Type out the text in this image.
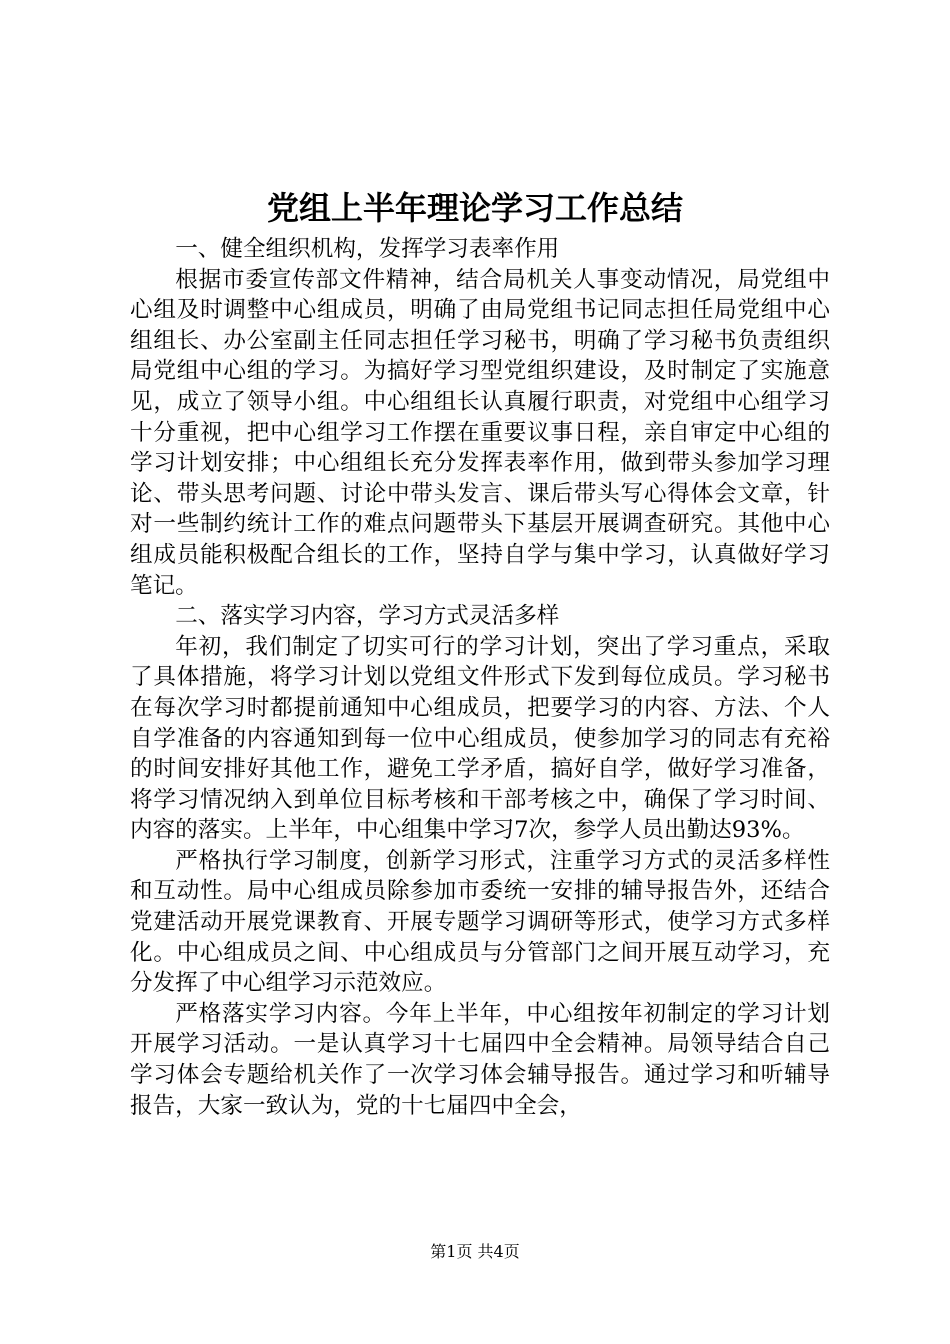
党组上半年理论学习工作总结

一、健全组织机构，发挥学习表率作用

根据市委宣传部文件精神，结合局机关人事变动情况，局党组中心组及时调整中心组成员，明确了由局党组书记同志担任局党组中心组组长、办公室副主任同志担任学习秘书，明确了学习秘书负责组织局党组中心组的学习。为搞好学习型党组织建设，及时制定了实施意见，成立了领导小组。中心组组长认真履行职责，对党组中心组学习十分重视，把中心组学习工作摆在重要议事日程，亲自审定中心组的学习计划安排；中心组组长充分发挥表率作用，做到带头参加学习理论、带头思考问题、讨论中带头发言、课后带头写心得体会文章，针对一些制约统计工作的难点问题带头下基层开展调查研究。其他中心组成员能积极配合组长的工作，坚持自学与集中学习，认真做好学习笔记。

二、落实学习内容，学习方式灵活多样

年初，我们制定了切实可行的学习计划，突出了学习重点，采取了具体措施，将学习计划以党组文件形式下发到每位成员。学习秘书在每次学习时都提前通知中心组成员，把要学习的内容、方法、个人自学准备的内容通知到每一位中心组成员，使参加学习的同志有充裕的时间安排好其他工作，避免工学矛盾，搞好自学，做好学习准备，将学习情况纳入到单位目标考核和干部考核之中，确保了学习时间、内容的落实。上半年，中心组集中学习7次，参学人员出勤达93%。

严格执行学习制度，创新学习形式，注重学习方式的灵活多样性和互动性。局中心组成员除参加市委统一安排的辅导报告外，还结合党建活动开展党课教育、开展专题学习调研等形式，使学习方式多样化。中心组成员之间、中心组成员与分管部门之间开展互动学习，充分发挥了中心组学习示范效应。

严格落实学习内容。今年上半年，中心组按年初制定的学习计划开展学习活动。一是认真学习十七届四中全会精神。局领导结合自己学习体会专题给机关作了一次学习体会辅导报告。通过学习和听辅导报告，大家一致认为，党的十七届四中全会，

第1页 共4页
